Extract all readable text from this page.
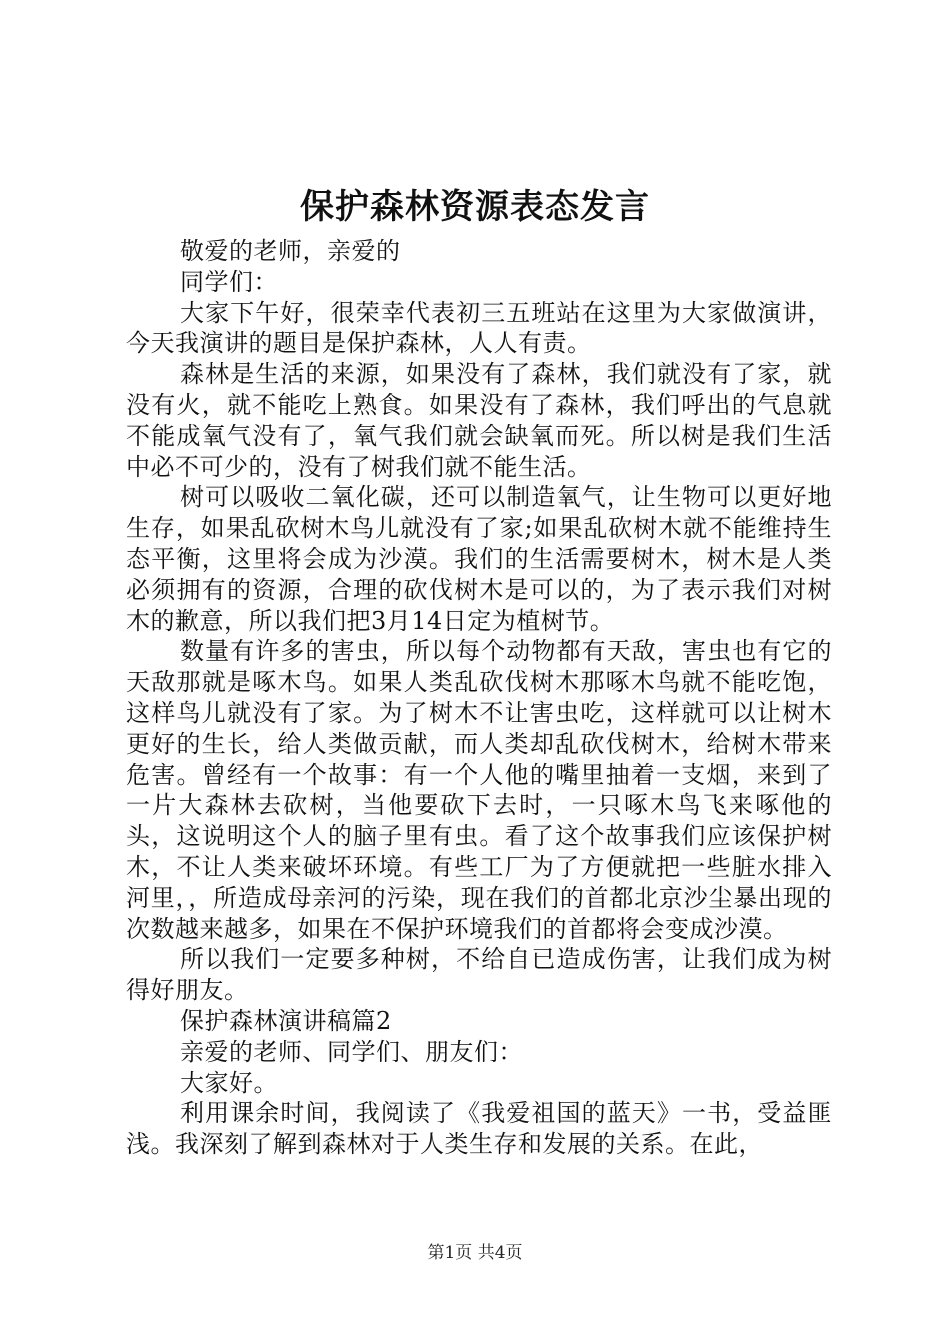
保护森林资源表态发言

敬爱的老师，亲爱的

同学们：

大家下午好，很荣幸代表初三五班站在这里为大家做演讲，今天我演讲的题目是保护森林，人人有责。

森林是生活的来源，如果没有了森林，我们就没有了家，就没有火，就不能吃上熟食。如果没有了森林，我们呼出的气息就不能成氧气没有了，氧气我们就会缺氧而死。所以树是我们生活中必不可少的，没有了树我们就不能生活。

树可以吸收二氧化碳，还可以制造氧气，让生物可以更好地生存，如果乱砍树木鸟儿就没有了家;如果乱砍树木就不能维持生态平衡，这里将会成为沙漠。我们的生活需要树木，树木是人类必须拥有的资源，合理的砍伐树木是可以的，为了表示我们对树木的歉意，所以我们把3月14日定为植树节。

数量有许多的害虫，所以每个动物都有天敌，害虫也有它的天敌那就是啄木鸟。如果人类乱砍伐树木那啄木鸟就不能吃饱，这样鸟儿就没有了家。为了树木不让害虫吃，这样就可以让树木更好的生长，给人类做贡献，而人类却乱砍伐树木，给树木带来危害。曾经有一个故事：有一个人他的嘴里抽着一支烟，来到了一片大森林去砍树，当他要砍下去时，一只啄木鸟飞来啄他的头，这说明这个人的脑子里有虫。看了这个故事我们应该保护树木，不让人类来破坏环境。有些工厂为了方便就把一些脏水排入河里，，所造成母亲河的污染，现在我们的首都北京沙尘暴出现的次数越来越多，如果在不保护环境我们的首都将会变成沙漠。

所以我们一定要多种树，不给自已造成伤害，让我们成为树得好朋友。

保护森林演讲稿篇2

亲爱的老师、同学们、朋友们：

大家好。

利用课余时间，我阅读了《我爱祖国的蓝天》一书，受益匪浅。我深刻了解到森林对于人类生存和发展的关系。在此，

第1页 共4页
